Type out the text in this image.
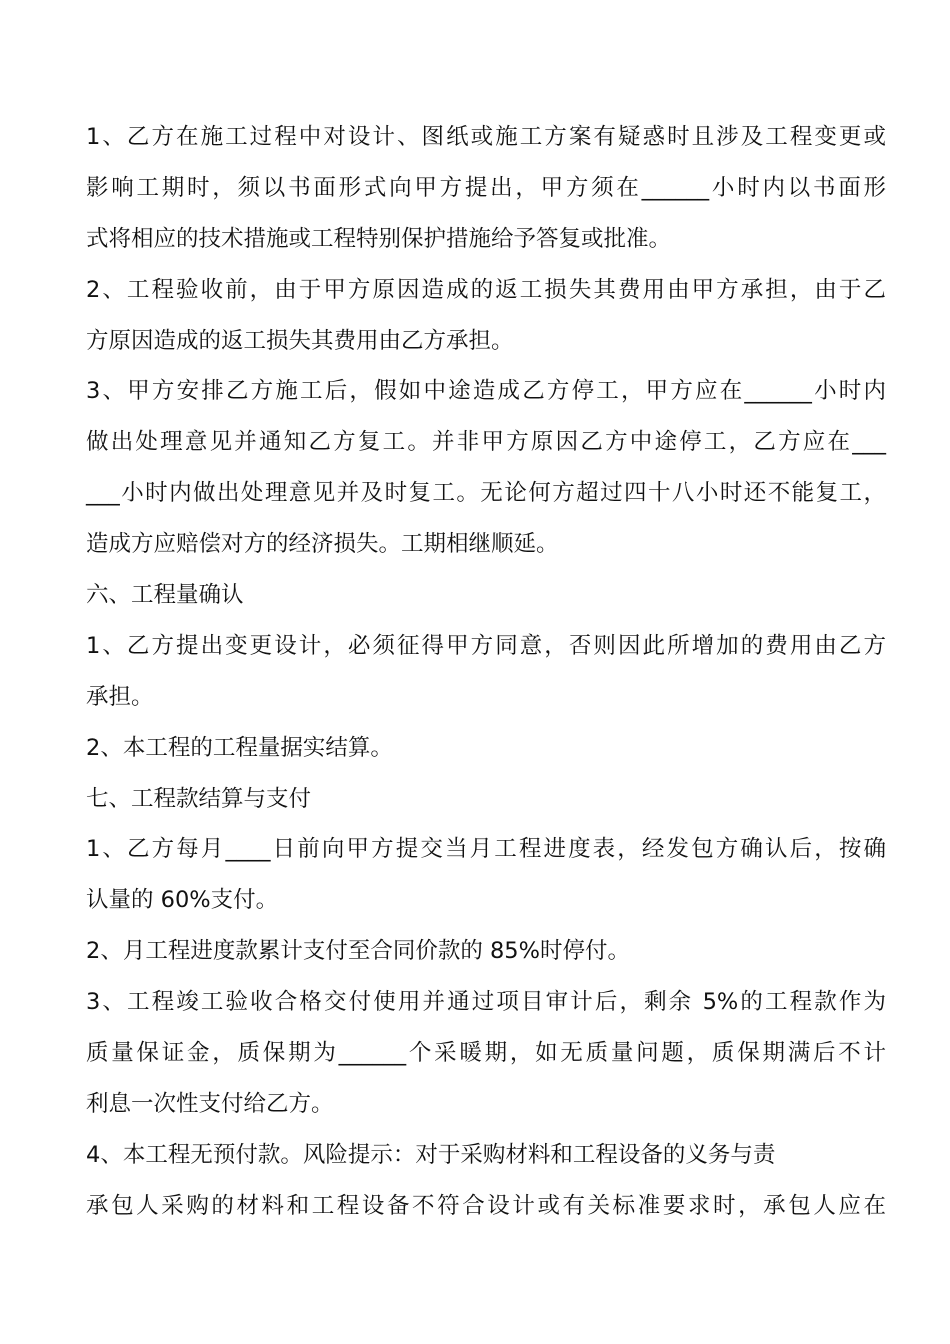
1、乙方在施工过程中对设计、图纸或施工方案有疑惑时且涉及工程变更或
影响工期时，须以书面形式向甲方提出，甲方须在______小时内以书面形
式将相应的技术措施或工程特别保护措施给予答复或批准。
2、工程验收前，由于甲方原因造成的返工损失其费用由甲方承担，由于乙
方原因造成的返工损失其费用由乙方承担。
3、甲方安排乙方施工后，假如中途造成乙方停工，甲方应在______小时内
做出处理意见并通知乙方复工。并非甲方原因乙方中途停工，乙方应在___
___小时内做出处理意见并及时复工。无论何方超过四十八小时还不能复工，
造成方应赔偿对方的经济损失。工期相继顺延。
六、工程量确认
1、乙方提出变更设计，必须征得甲方同意，否则因此所增加的费用由乙方
承担。
2、本工程的工程量据实结算。
七、工程款结算与支付
1、乙方每月____日前向甲方提交当月工程进度表，经发包方确认后，按确
认量的 60%支付。
2、月工程进度款累计支付至合同价款的 85%时停付。
3、工程竣工验收合格交付使用并通过项目审计后，剩余 5%的工程款作为
质量保证金，质保期为______个采暖期，如无质量问题，质保期满后不计
利息一次性支付给乙方。
4、本工程无预付款。风险提示：对于采购材料和工程设备的义务与责
承包人采购的材料和工程设备不符合设计或有关标准要求时，承包人应在
